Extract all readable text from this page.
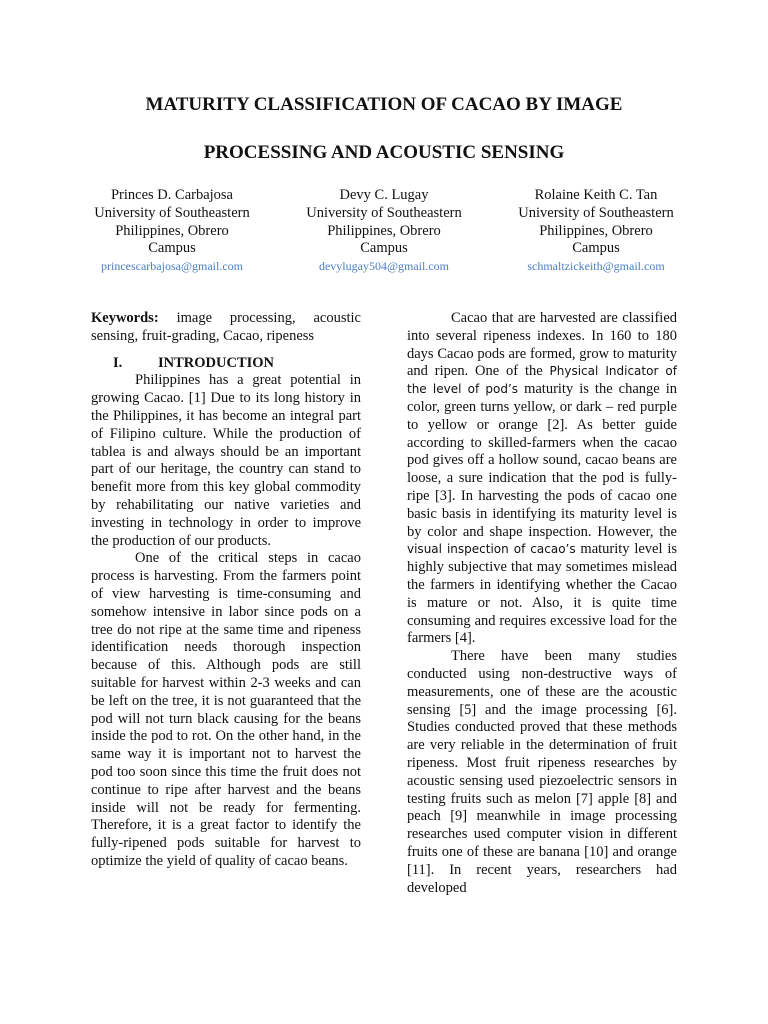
MATURITY CLASSIFICATION OF CACAO BY IMAGE
PROCESSING AND ACOUSTIC SENSING
Princes D. Carbajosa
University of Southeastern
Philippines, Obrero
Campus
princescarbajosa@gmail.com
Devy C. Lugay
University of Southeastern
Philippines, Obrero
Campus
devylugay504@gmail.com
Rolaine Keith C. Tan
University of Southeastern
Philippines, Obrero
Campus
schmaltzickeith@gmail.com

Keywords: image processing, acoustic sensing, fruit-grading, Cacao, ripeness

I.	INTRODUCTION

Philippines has a great potential in growing Cacao. [1] Due to its long history in the Philippines, it has become an integral part of Filipino culture. While the production of tablea is and always should be an important part of our heritage, the country can stand to benefit more from this key global commodity by rehabilitating our native varieties and investing in technology in order to improve the production of our products.

One of the critical steps in cacao process is harvesting. From the farmers point of view harvesting is time-consuming and somehow intensive in labor since pods on a tree do not ripe at the same time and ripeness identification needs thorough inspection because of this. Although pods are still suitable for harvest within 2-3 weeks and can be left on the tree, it is not guaranteed that the pod will not turn black causing for the beans inside the pod to rot. On the other hand, in the same way it is important not to harvest the pod too soon since this time the fruit does not continue to ripe after harvest and the beans inside will not be ready for fermenting. Therefore, it is a great factor to identify the fully-ripened pods suitable for harvest to optimize the yield of quality of cacao beans.

Cacao that are harvested are classified into several ripeness indexes. In 160 to 180 days Cacao pods are formed, grow to maturity and ripen. One of the Physical Indicator of the level of pod’s maturity is the change in color, green turns yellow, or dark – red purple to yellow or orange [2]. As better guide according to skilled-farmers when the cacao pod gives off a hollow sound, cacao beans are loose, a sure indication that the pod is fully-ripe [3]. In harvesting the pods of cacao one basic basis in identifying its maturity level is by color and shape inspection. However, the visual inspection of cacao’s maturity level is highly subjective that may sometimes mislead the farmers in identifying whether the Cacao is mature or not. Also, it is quite time consuming and requires excessive load for the farmers [4].

There have been many studies conducted using non-destructive ways of measurements, one of these are the acoustic sensing [5] and the image processing [6]. Studies conducted proved that these methods are very reliable in the determination of fruit ripeness. Most fruit ripeness researches by acoustic sensing used piezoelectric sensors in testing fruits such as melon [7] apple [8] and peach [9] meanwhile in image processing researches used computer vision in different fruits one of these are banana [10] and orange [11]. In recent years, researchers had developed
